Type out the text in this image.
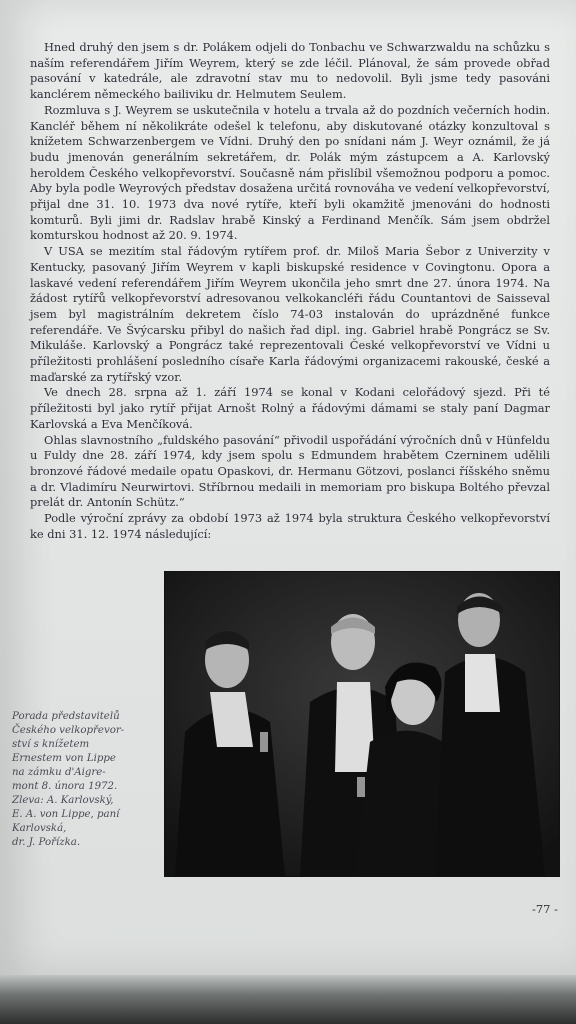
Hned druhý den jsem s dr. Polákem odjeli do Tonbachu ve Schwarzwaldu na schůzku s naším referendářem Jiřím Weyrem, který se zde léčil. Plánoval, že sám provede obřad pasování v katedrále, ale zdravotní stav mu to nedovolil. Byli jsme tedy pasováni kanclérem německého bailiviku dr. Helmutem Seulem.

Rozmluva s J. Weyrem se uskutečnila v hotelu a trvala až do pozdních večerních hodin. Kancléř během ní několikráte odešel k telefonu, aby diskutované otázky konzultoval s knížetem Schwarzenbergem ve Vídni. Druhý den po snídani nám J. Weyr oznámil, že já budu jmenován generálním sekretářem, dr. Polák mým zástupcem a A. Karlovský heroldem Českého velkopřevorství. Současně nám přislíbil všemožnou podporu a pomoc. Aby byla podle Weyrových představ dosažena určitá rovnováha ve vedení velkopřevorství, přijal dne 31. 10. 1973 dva nové rytíře, kteří byli okamžitě jmenováni do hodnosti komturů. Byli jimi dr. Radslav hrabě Kinský a Ferdinand Menčík. Sám jsem obdržel komturskou hodnost až 20. 9. 1974.

V USA se mezitím stal řádovým rytířem prof. dr. Miloš Maria Šebor z Univerzity v Kentucky, pasovaný Jiřím Weyrem v kapli biskupské residence v Covingtonu. Opora a laskavé vedení referendářem Jiřím Weyrem ukončila jeho smrt dne 27. února 1974. Na žádost rytířů velkopřevorství adresovanou velkokancléři řádu Countantovi de Saisseval jsem byl magistrálním dekretem číslo 74-03 instalován do uprázdněné funkce referendáře. Ve Švýcarsku přibyl do našich řad dipl. ing. Gabriel hrabě Pongrácz se Sv. Mikuláše. Karlovský a Pongrácz také reprezentovali České velkopřevorství ve Vídni u příležitosti prohlášení posledního císaře Karla řádovými organizacemi rakouské, české a maďarské za rytířský vzor.

Ve dnech 28. srpna až 1. září 1974 se konal v Kodani celořádový sjezd. Při té příležitosti byl jako rytíř přijat Arnošt Rolný a řádovými dámami se staly paní Dagmar Karlovská a Eva Menčíková.

Ohlas slavnostního „fuldského pasování“ přivodil uspořádání výročních dnů v Hünfeldu u Fuldy dne 28. září 1974, kdy jsem spolu s Edmundem hrabětem Czerninem udělili bronzové řádové medaile opatu Opaskovi, dr. Hermanu Götzovi, poslanci říšského sněmu a dr. Vladimíru Neurwirtovi. Stříbrnou medaili in memoriam pro biskupa Boltého převzal prelát dr. Antonín Schütz.“

Podle výroční zprávy za období 1973 až 1974 byla struktura Českého velkopřevorství ke dni 31. 12. 1974 následující:

Porada představitelů
Českého velkopřevor-
ství s knížetem
Ernestem von Lippe
na zámku d'Aigre-
mont 8. února 1972.
Zleva: A. Karlovský,
E. A. von Lippe, paní
Karlovská,
dr. J. Pořízka.
-77 -
